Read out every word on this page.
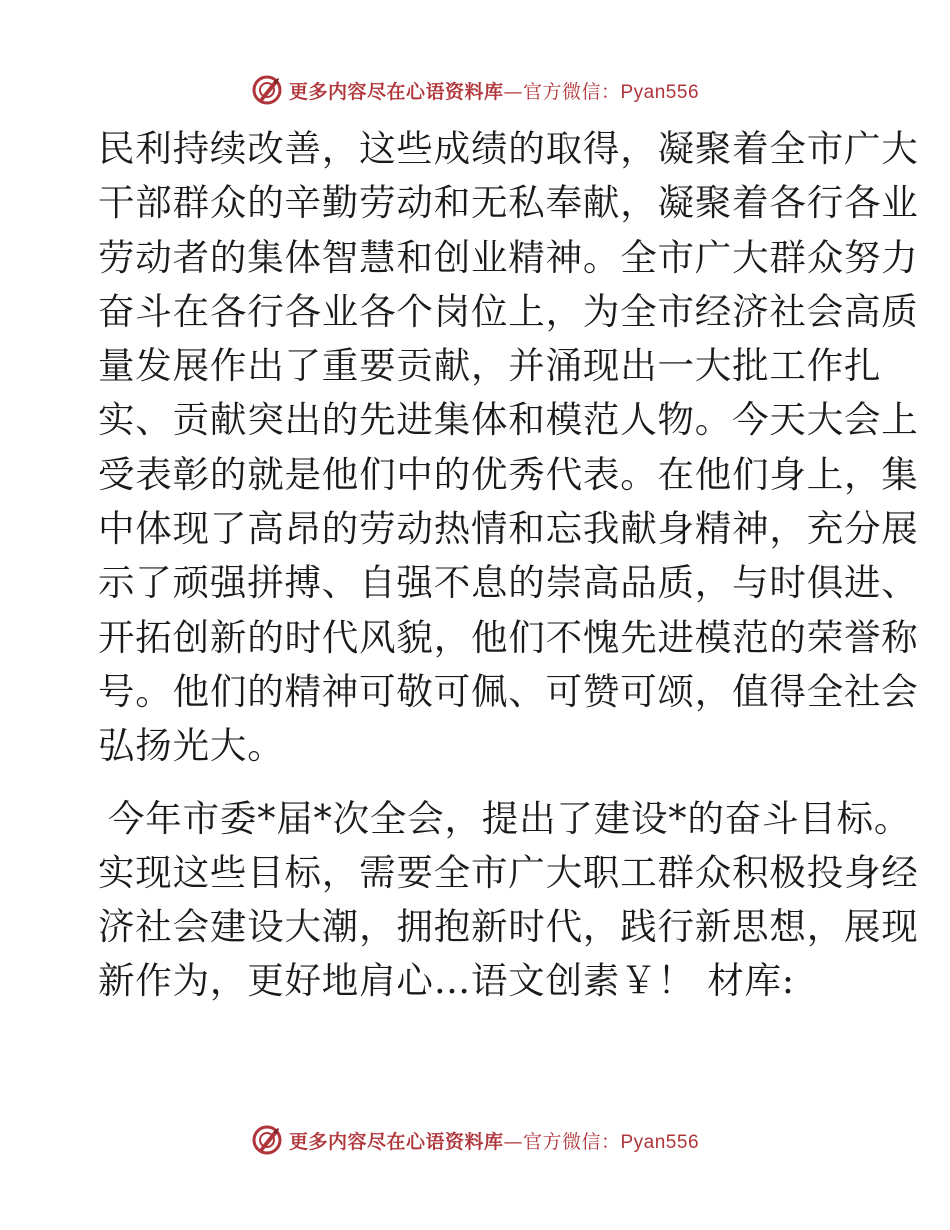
更多内容尽在心语资料库—官方微信：Pyan556

民利持续改善，这些成绩的取得，凝聚着全市广大
干部群众的辛勤劳动和无私奉献，凝聚着各行各业
劳动者的集体智慧和创业精神。全市广大群众努力
奋斗在各行各业各个岗位上，为全市经济社会高质
量发展作出了重要贡献，并涌现出一大批工作扎
实、贡献突出的先进集体和模范人物。今天大会上
受表彰的就是他们中的优秀代表。在他们身上，集
中体现了高昂的劳动热情和忘我献身精神，充分展
示了顽强拼搏、自强不息的崇高品质，与时俱进、
开拓创新的时代风貌，他们不愧先进模范的荣誉称
号。他们的精神可敬可佩、可赞可颂，值得全社会
弘扬光大。

今年市委*届*次全会，提出了建设*的奋斗目标。
实现这些目标，需要全市广大职工群众积极投身经
济社会建设大潮，拥抱新时代，践行新思想，展现
新作为，更好地肩心…语文创素￥！ 材库:

更多内容尽在心语资料库—官方微信：Pyan556
